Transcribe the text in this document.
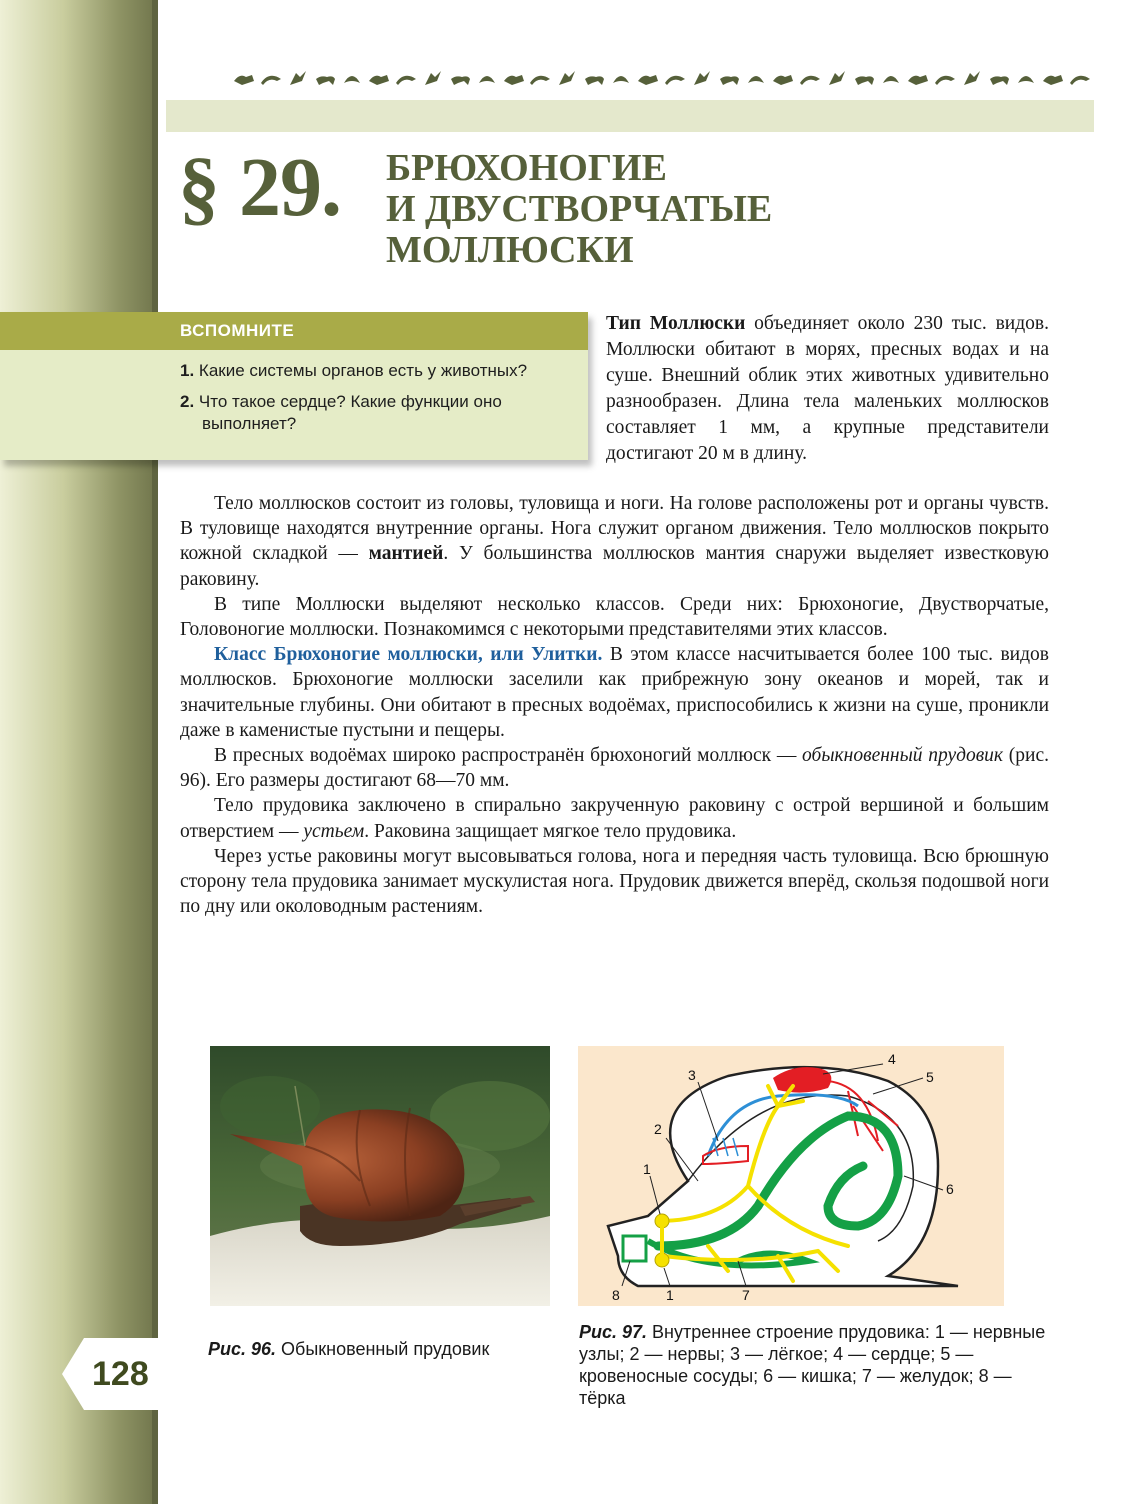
§ 29. БРЮХОНОГИЕ
И ДВУСТВОРЧАТЫЕ
МОЛЛЮСКИ
ВСПОМНИТЕ
1. Какие системы органов есть у животных?
2. Что такое сердце? Какие функции оно выполняет?
Тип Моллюски объединяет около 230 тыс. видов. Моллюски обитают в морях, пресных водах и на суше. Внешний облик этих животных удивительно разнообразен. Длина тела маленьких моллюсков составляет 1 мм, а крупные представители достигают 20 м в длину.

Тело моллюсков состоит из головы, туловища и ноги. На голове расположены рот и органы чувств. В туловище находятся внутренние органы. Нога служит органом движения. Тело моллюсков покрыто кожной складкой — мантией. У большинства моллюсков мантия снаружи выделяет известковую раковину.

В типе Моллюски выделяют несколько классов. Среди них: Брюхоногие, Двустворчатые, Головоногие моллюски. Познакомимся с некоторыми представителями этих классов.

Класс Брюхоногие моллюски, или Улитки. В этом классе насчитывается более 100 тыс. видов моллюсков. Брюхоногие моллюски заселили как прибрежную зону океанов и морей, так и значительные глубины. Они обитают в пресных водоёмах, приспособились к жизни на суше, проникли даже в каменистые пустыни и пещеры.

В пресных водоёмах широко распространён брюхоногий моллюск — обыкновенный прудовик (рис. 96). Его размеры достигают 68—70 мм.

Тело прудовика заключено в спирально закрученную раковину с острой вершиной и большим отверстием — устьем. Раковина защищает мягкое тело прудовика.

Через устье раковины могут высовываться голова, нога и передняя часть туловища. Всю брюшную сторону тела прудовика занимает мускулистая нога. Прудовик движется вперёд, скользя подошвой ноги по дну или околоводным растениям.

1
2
3
4
5
6
7
8	1
Рис. 96. Обыкновенный прудовик
Рис. 97. Внутреннее строение прудовика: 1 — нервные узлы; 2 — нервы; 3 — лёгкое; 4 — сердце; 5 — кровеносные сосуды; 6 — кишка; 7 — желудок; 8 — тёрка
128
